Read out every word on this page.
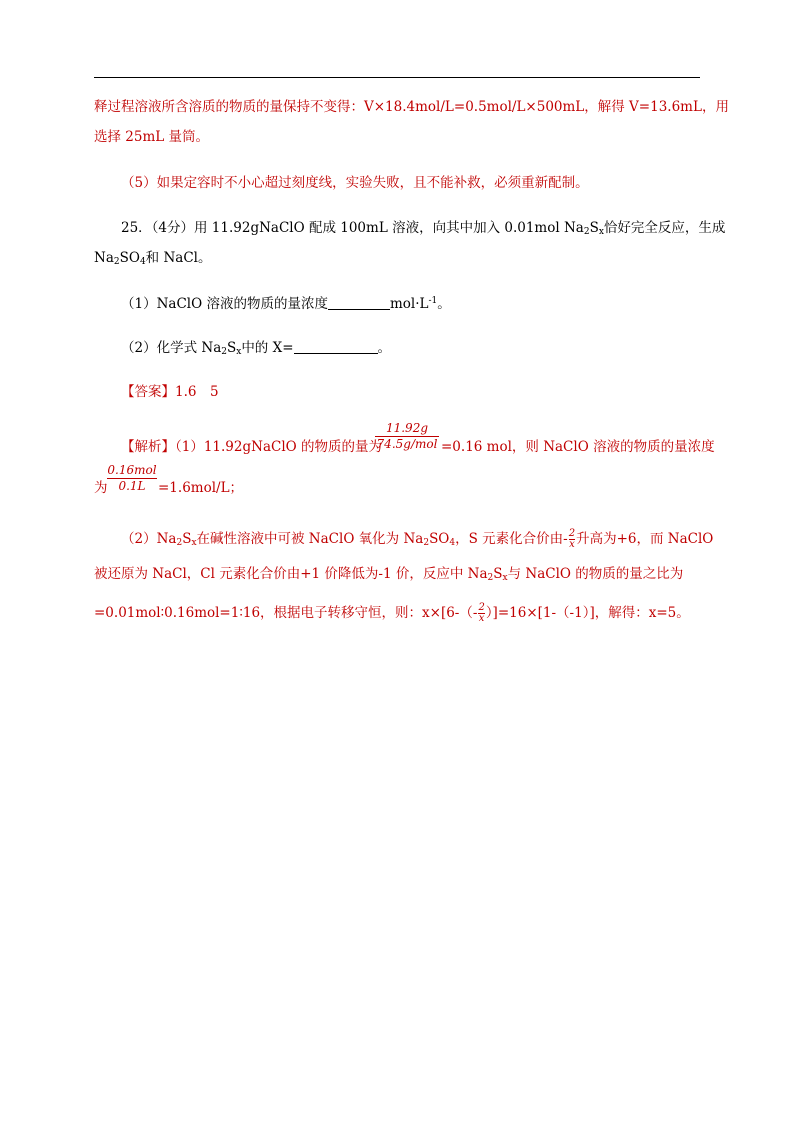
释过程溶液所含溶质的物质的量保持不变得：V×18.4mol/L=0.5mol/L×500mL，解得 V=13.6mL，用
选择 25mL 量筒。
（5）如果定容时不小心超过刻度线，实验失败，且不能补救，必须重新配制。
25．（4分）用 11.92gNaClO 配成 100mL 溶液，向其中加入 0.01mol $Na_2S_x$恰好完全反应，生成
$Na_2SO_4$和 NaCl。
（1）NaClO 溶液的物质的量浓度	$mol\cdot L^{-1}$。
（2）化学式 $Na_2S_x$中的 X=	。
【答案】1.6　5
【解析】（1）11.92gNaClO 的物质的量为
11.92g
74.5g/mol =0.16 mol，则 NaClO 溶液的物质的量浓度
为
0.16mol
0.1L =1.6mol/L；
$(2)Na_2S_x$在碱性溶液中可被 NaClO 氧化为 $Na_2SO_4$，S 元素化合价由- $\frac{2}{x}$ 升高为+6，而 NaClO
被还原为 NaCl，Cl 元素化合价由+1 价降低为-1 价，反应中 $Na_2S_x$与 NaClO 的物质的量之比为
=0.01mol∶0.16mol=1∶16，根据电子转移守恒，则：$x\times[6-(- \frac{2}{x} )]=16\times[1-(-1)]$，解得：x=5。
